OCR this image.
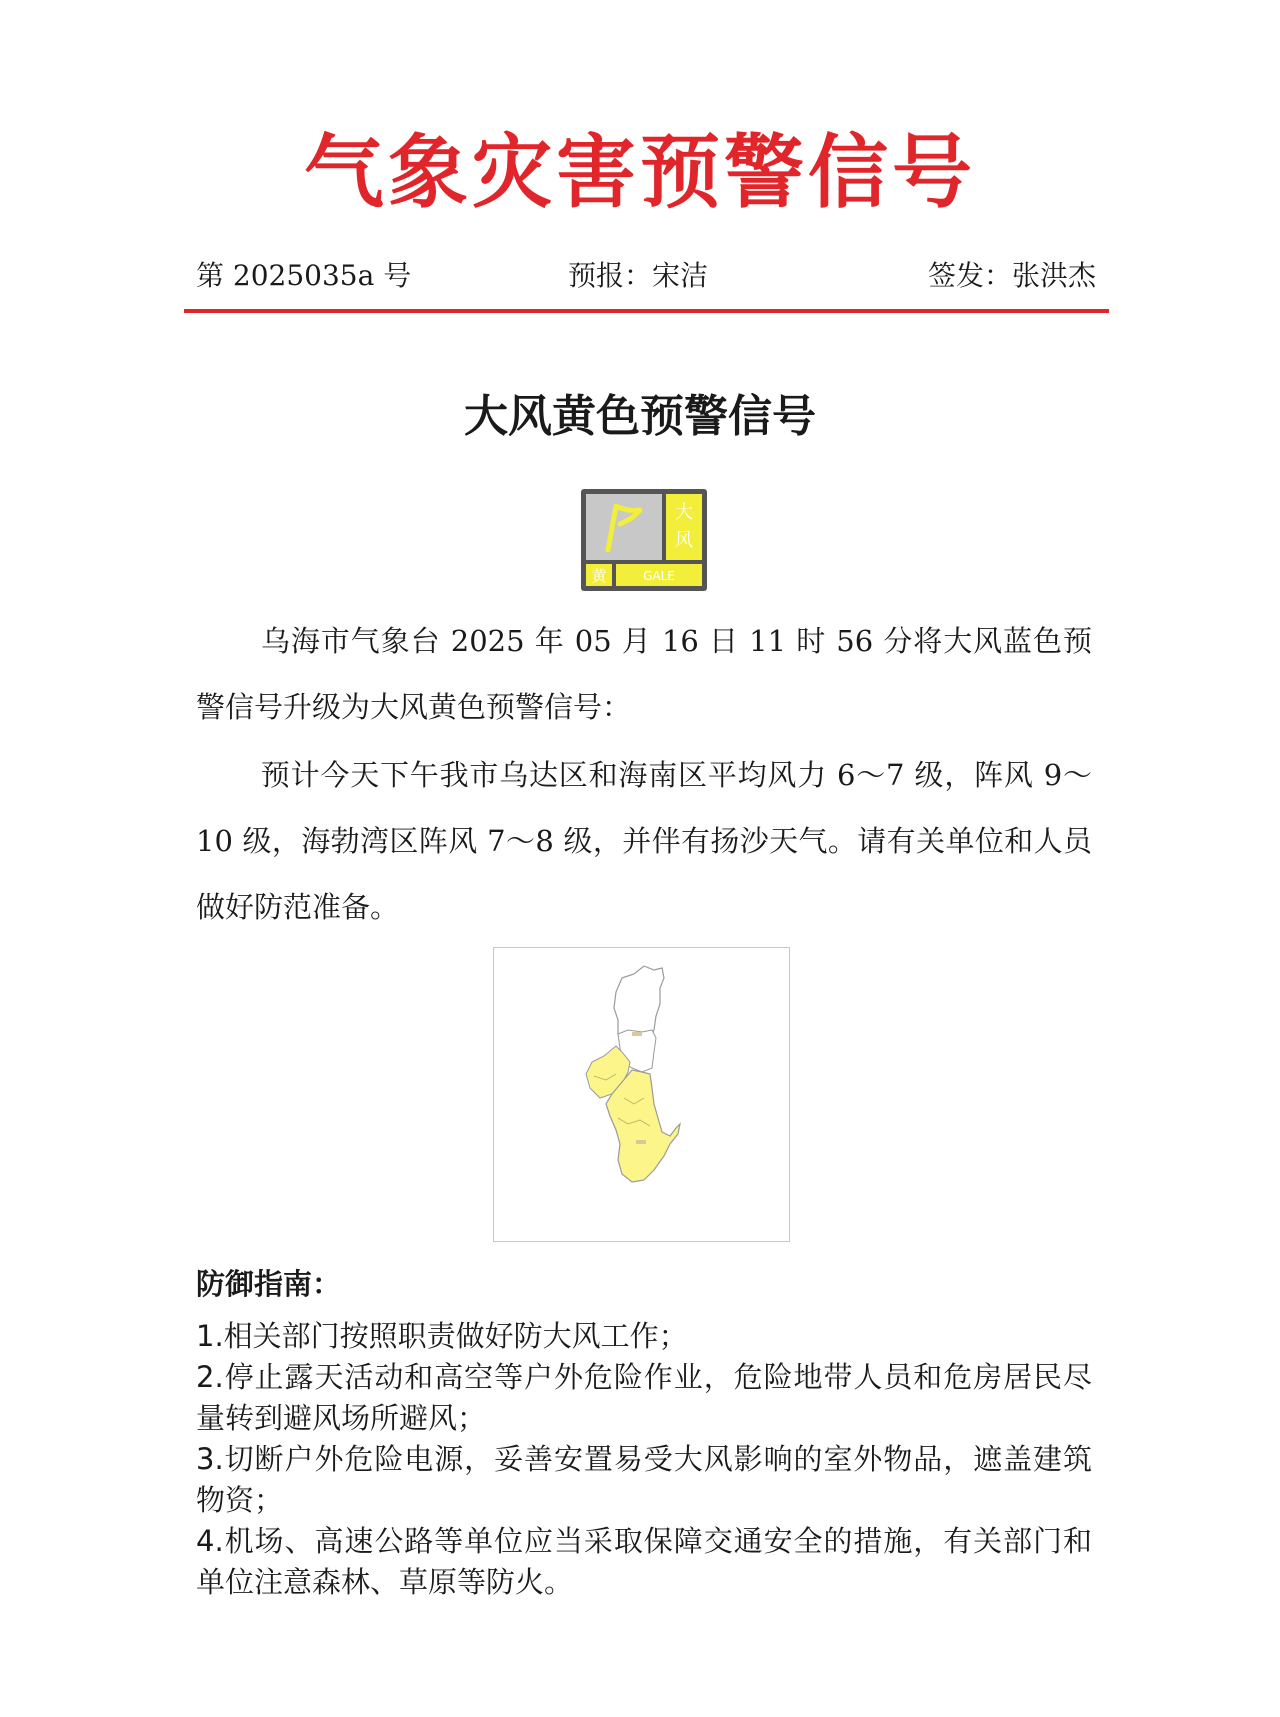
气象灾害预警信号
第 2025035a 号	预报：宋洁	签发：张洪杰
大风黄色预警信号
大
风
黄	GALE
乌海市气象台 2025 年 05 月 16 日 11 时 56 分将大风蓝色预警信号升级为大风黄色预警信号：
预计今天下午我市乌达区和海南区平均风力 6～7 级，阵风 9～10 级，海勃湾区阵风 7～8 级，并伴有扬沙天气。请有关单位和人员做好防范准备。
防御指南：
1.相关部门按照职责做好防大风工作；
2.停止露天活动和高空等户外危险作业，危险地带人员和危房居民尽量转到避风场所避风；
3.切断户外危险电源，妥善安置易受大风影响的室外物品，遮盖建筑物资；
4.机场、高速公路等单位应当采取保障交通安全的措施，有关部门和单位注意森林、草原等防火。
